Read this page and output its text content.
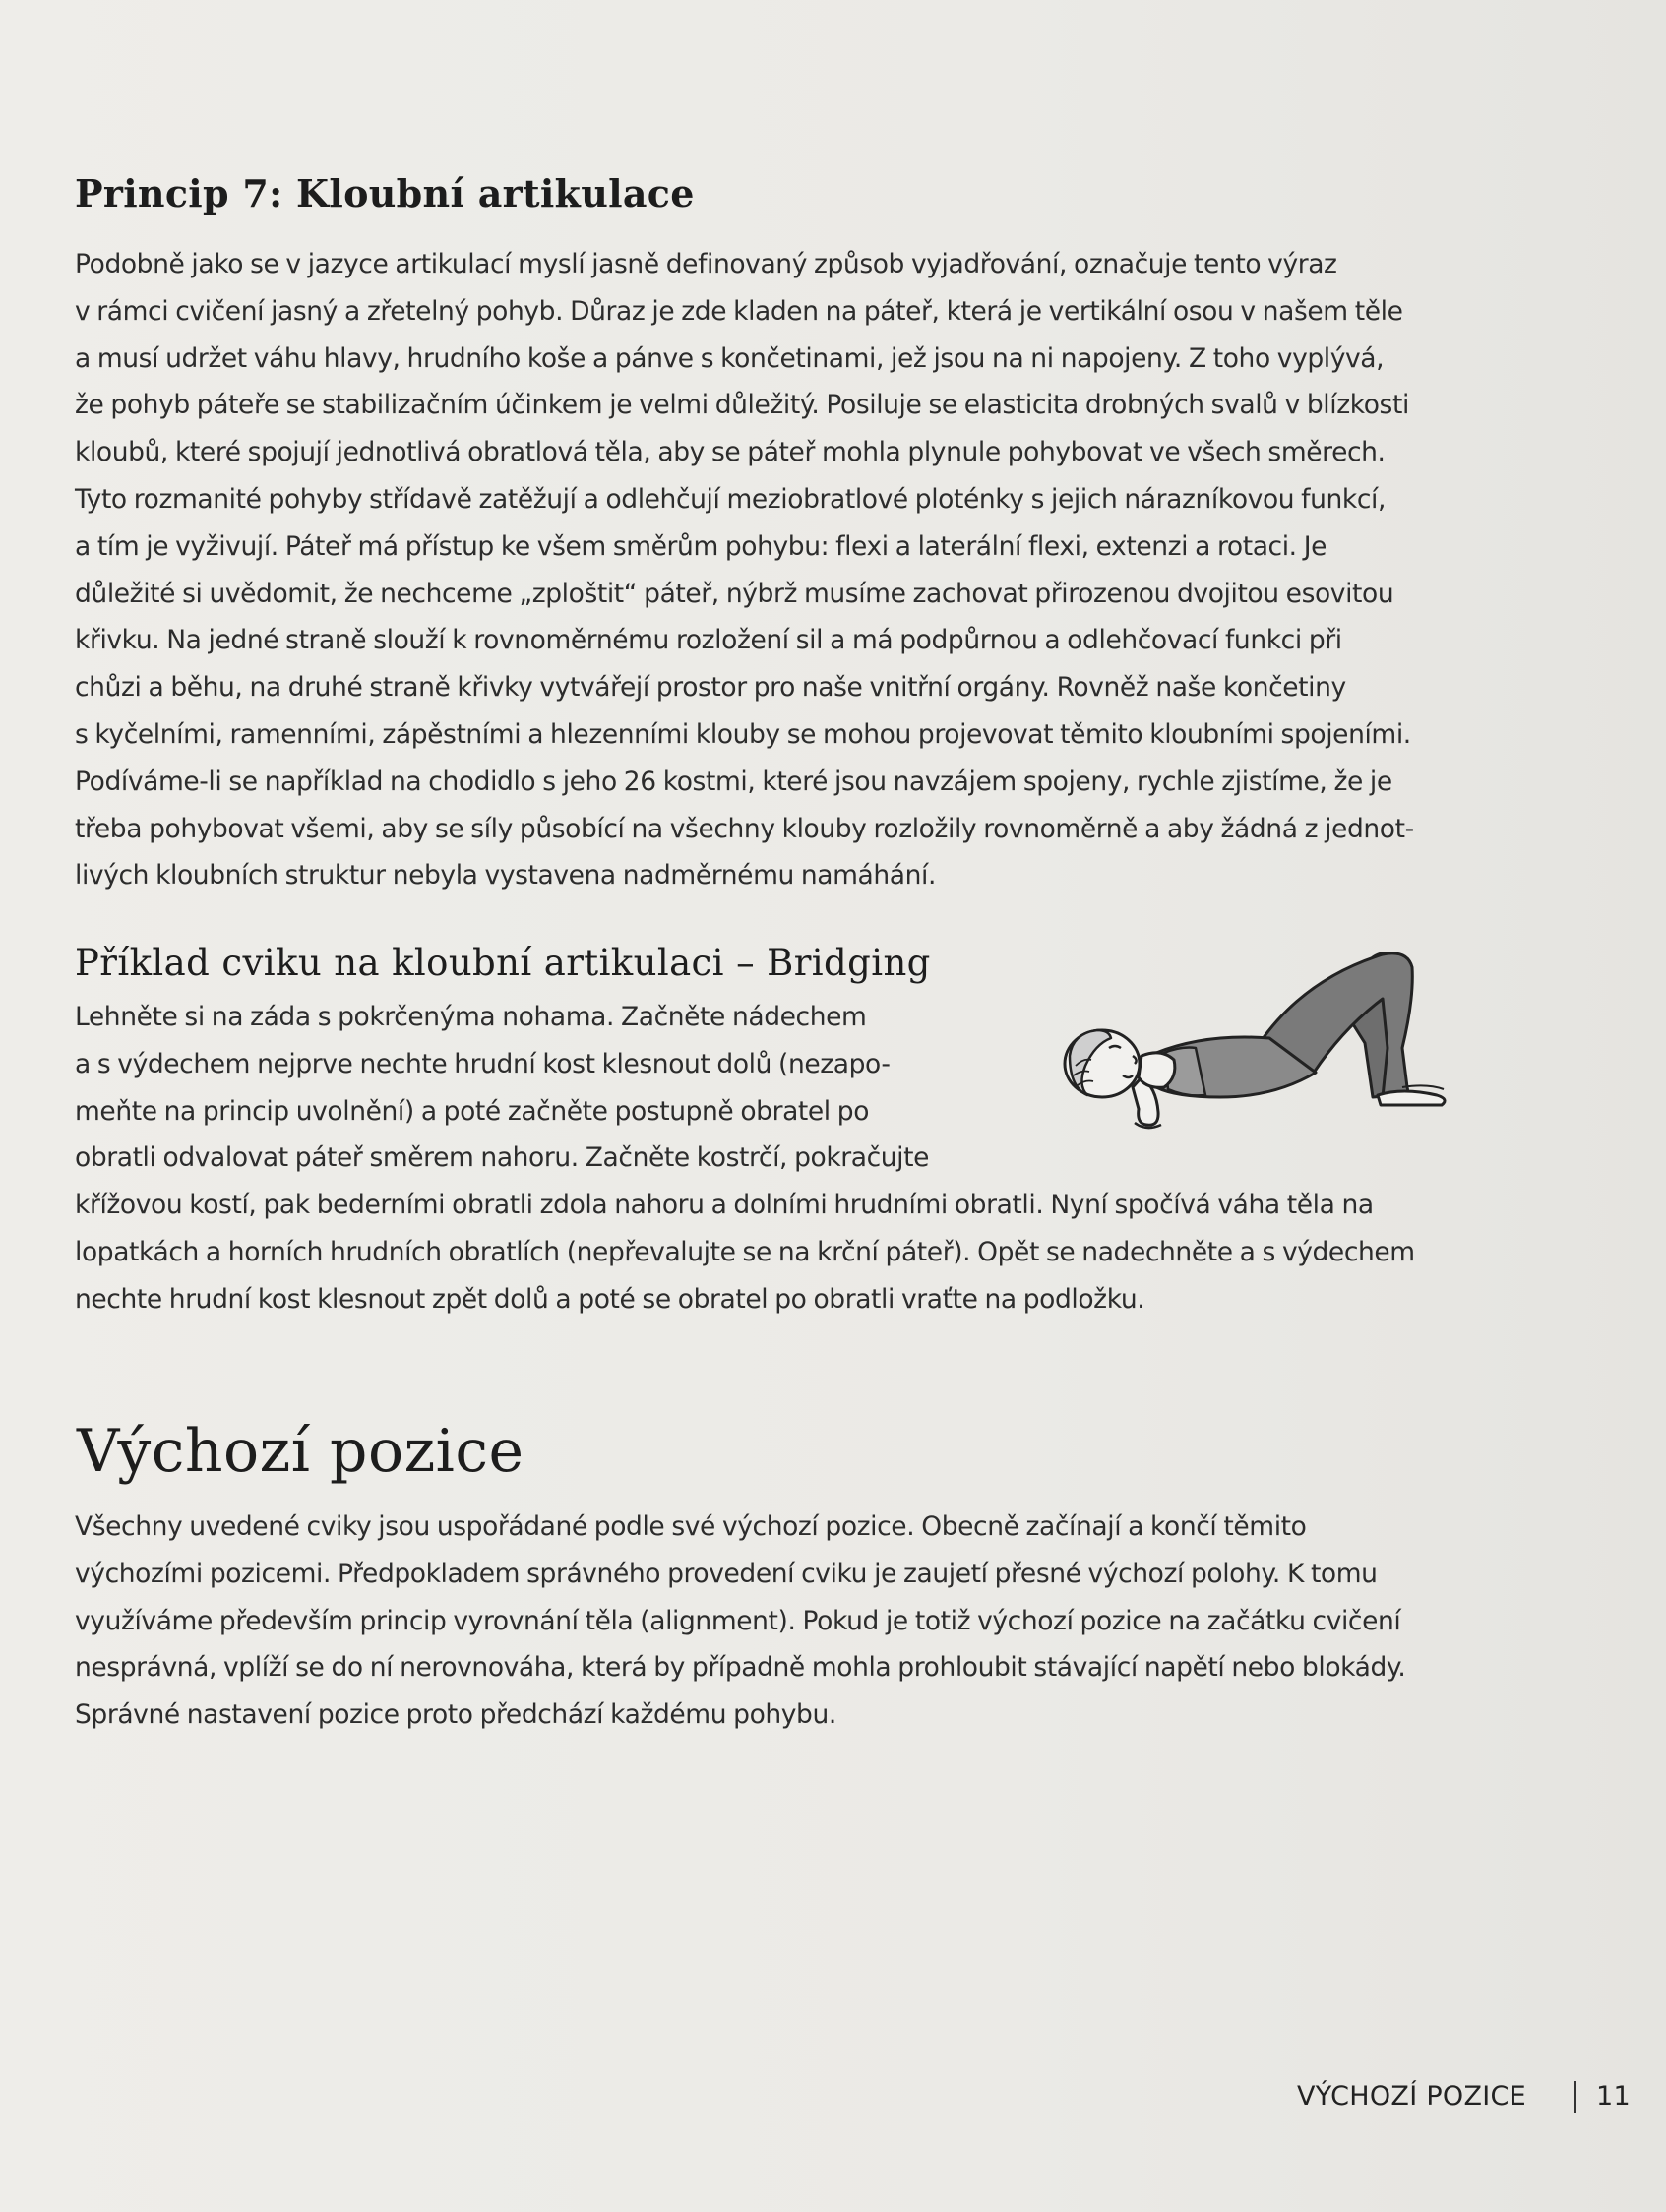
Princip 7: Kloubní artikulace

Podobně jako se v jazyce artikulací myslí jasně definovaný způsob vyjadřování, označuje tento výraz
v rámci cvičení jasný a zřetelný pohyb. Důraz je zde kladen na páteř, která je vertikální osou v našem těle
a musí udržet váhu hlavy, hrudního koše a pánve s končetinami, jež jsou na ni napojeny. Z toho vyplývá,
že pohyb páteře se stabilizačním účinkem je velmi důležitý. Posiluje se elasticita drobných svalů v blízkosti
kloubů, které spojují jednotlivá obratlová těla, aby se páteř mohla plynule pohybovat ve všech směrech.
Tyto rozmanité pohyby střídavě zatěžují a odlehčují meziobratlové ploténky s jejich nárazníkovou funkcí,
a tím je vyživují. Páteř má přístup ke všem směrům pohybu: flexi a laterální flexi, extenzi a rotaci. Je
důležité si uvědomit, že nechceme „zploštit“ páteř, nýbrž musíme zachovat přirozenou dvojitou esovitou
křivku. Na jedné straně slouží k rovnoměrnému rozložení sil a má podpůrnou a odlehčovací funkci při
chůzi a běhu, na druhé straně křivky vytvářejí prostor pro naše vnitřní orgány. Rovněž naše končetiny
s kyčelními, ramenními, zápěstními a hlezenními klouby se mohou projevovat těmito kloubními spojeními.
Podíváme-li se například na chodidlo s jeho 26 kostmi, které jsou navzájem spojeny, rychle zjistíme, že je
třeba pohybovat všemi, aby se síly působící na všechny klouby rozložily rovnoměrně a aby žádná z jednot-
livých kloubních struktur nebyla vystavena nadměrnému namáhání.

Příklad cviku na kloubní artikulaci – Bridging

Lehněte si na záda s pokrčenýma nohama. Začněte nádechem
a s výdechem nejprve nechte hrudní kost klesnout dolů (nezapo-
meňte na princip uvolnění) a poté začněte postupně obratel po
obratli odvalovat páteř směrem nahoru. Začněte kostrčí, pokračujte
křížovou kostí, pak bederními obratli zdola nahoru a dolními hrudními obratli. Nyní spočívá váha těla na
lopatkách a horních hrudních obratlích (nepřevalujte se na krční páteř). Opět se nadechněte a s výdechem
nechte hrudní kost klesnout zpět dolů a poté se obratel po obratli vraťte na podložku.

Výchozí pozice

Všechny uvedené cviky jsou uspořádané podle své výchozí pozice. Obecně začínají a končí těmito
výchozími pozicemi. Předpokladem správného provedení cviku je zaujetí přesné výchozí polohy. K tomu
využíváme především princip vyrovnání těla (alignment). Pokud je totiž výchozí pozice na začátku cvičení
nesprávná, vplíží se do ní nerovnováha, která by případně mohla prohloubit stávající napětí nebo blokády.
Správné nastavení pozice proto předchází každému pohybu.

VÝCHOZÍ POZICE	11
